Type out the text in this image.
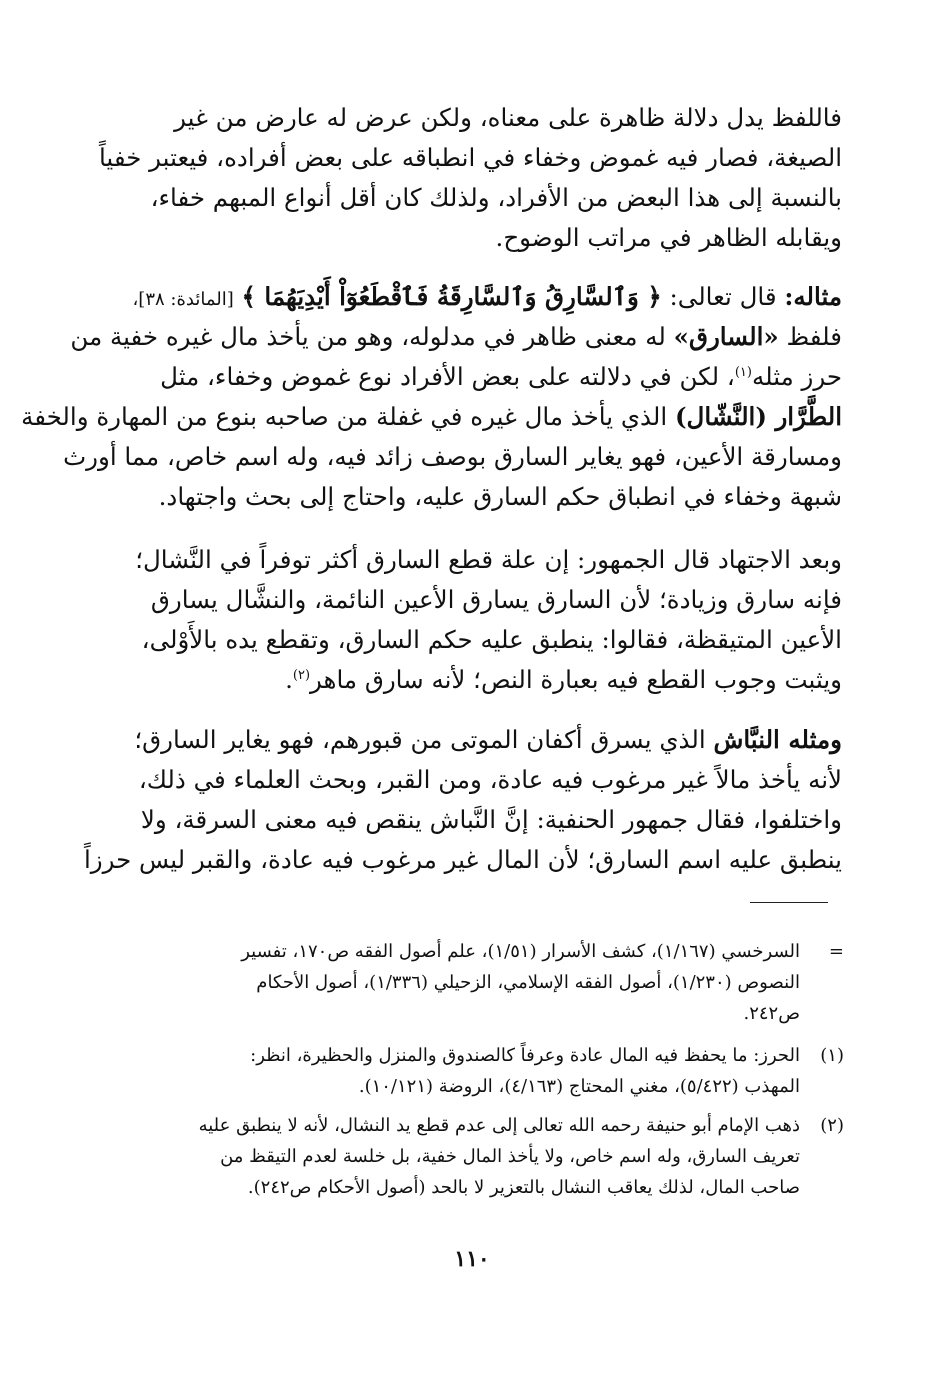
فاللفظ يدل دلالة ظاهرة على معناه، ولكن عرض له عارض من غير
الصيغة، فصار فيه غموض وخفاء في انطباقه على بعض أفراده، فيعتبر خفياً
بالنسبة إلى هذا البعض من الأفراد، ولذلك كان أقل أنواع المبهم خفاء،
ويقابله الظاهر في مراتب الوضوح.
مثاله: قال تعالى: ﴿ وَٱلسَّارِقُ وَٱلسَّارِقَةُ فَٱقْطَعُوٓاْ أَيْدِيَهُمَا ﴾ [المائدة: ٣٨]،
فلفظ «السارق» له معنى ظاهر في مدلوله، وهو من يأخذ مال غيره خفية من
حرز مثله$^{(١)}$، لكن في دلالته على بعض الأفراد نوع غموض وخفاء، مثل
الطَّرَّار (النَّشّال) الذي يأخذ مال غيره في غفلة من صاحبه بنوع من المهارة والخفة
ومسارقة الأعين، فهو يغاير السارق بوصف زائد فيه، وله اسم خاص، مما أورث
شبهة وخفاء في انطباق حكم السارق عليه، واحتاج إلى بحث واجتهاد.
وبعد الاجتهاد قال الجمهور: إن علة قطع السارق أكثر توفراً في النَّشال؛
فإنه سارق وزيادة؛ لأن السارق يسارق الأعين النائمة، والنشَّال يسارق
الأعين المتيقظة، فقالوا: ينطبق عليه حكم السارق، وتقطع يده بالأَوْلى،
ويثبت وجوب القطع فيه بعبارة النص؛ لأنه سارق ماهر$^{(٢)}$.
ومثله النبَّاش الذي يسرق أكفان الموتى من قبورهم، فهو يغاير السارق؛
لأنه يأخذ مالاً غير مرغوب فيه عادة، ومن القبر، وبحث العلماء في ذلك،
واختلفوا، فقال جمهور الحنفية: إنَّ النَّباش ينقص فيه معنى السرقة، ولا
ينطبق عليه اسم السارق؛ لأن المال غير مرغوب فيه عادة، والقبر ليس حرزاً
=
السرخسي (١/١٦٧)، كشف الأسرار (١/٥١)، علم أصول الفقه ص١٧٠، تفسير
النصوص (١/٢٣٠)، أصول الفقه الإسلامي، الزحيلي (١/٣٣٦)، أصول الأحكام
ص٢٤٢.
(١)
الحرز: ما يحفظ فيه المال عادة وعرفاً كالصندوق والمنزل والحظيرة، انظر:
المهذب (٥/٤٢٢)، مغني المحتاج (٤/١٦٣)، الروضة (١٠/١٢١).
(٢)
ذهب الإمام أبو حنيفة رحمه الله تعالى إلى عدم قطع يد النشال، لأنه لا ينطبق عليه
تعريف السارق، وله اسم خاص، ولا يأخذ المال خفية، بل خلسة لعدم التيقظ من
صاحب المال، لذلك يعاقب النشال بالتعزير لا بالحد (أصول الأحكام ص٢٤٢).
١١٠
